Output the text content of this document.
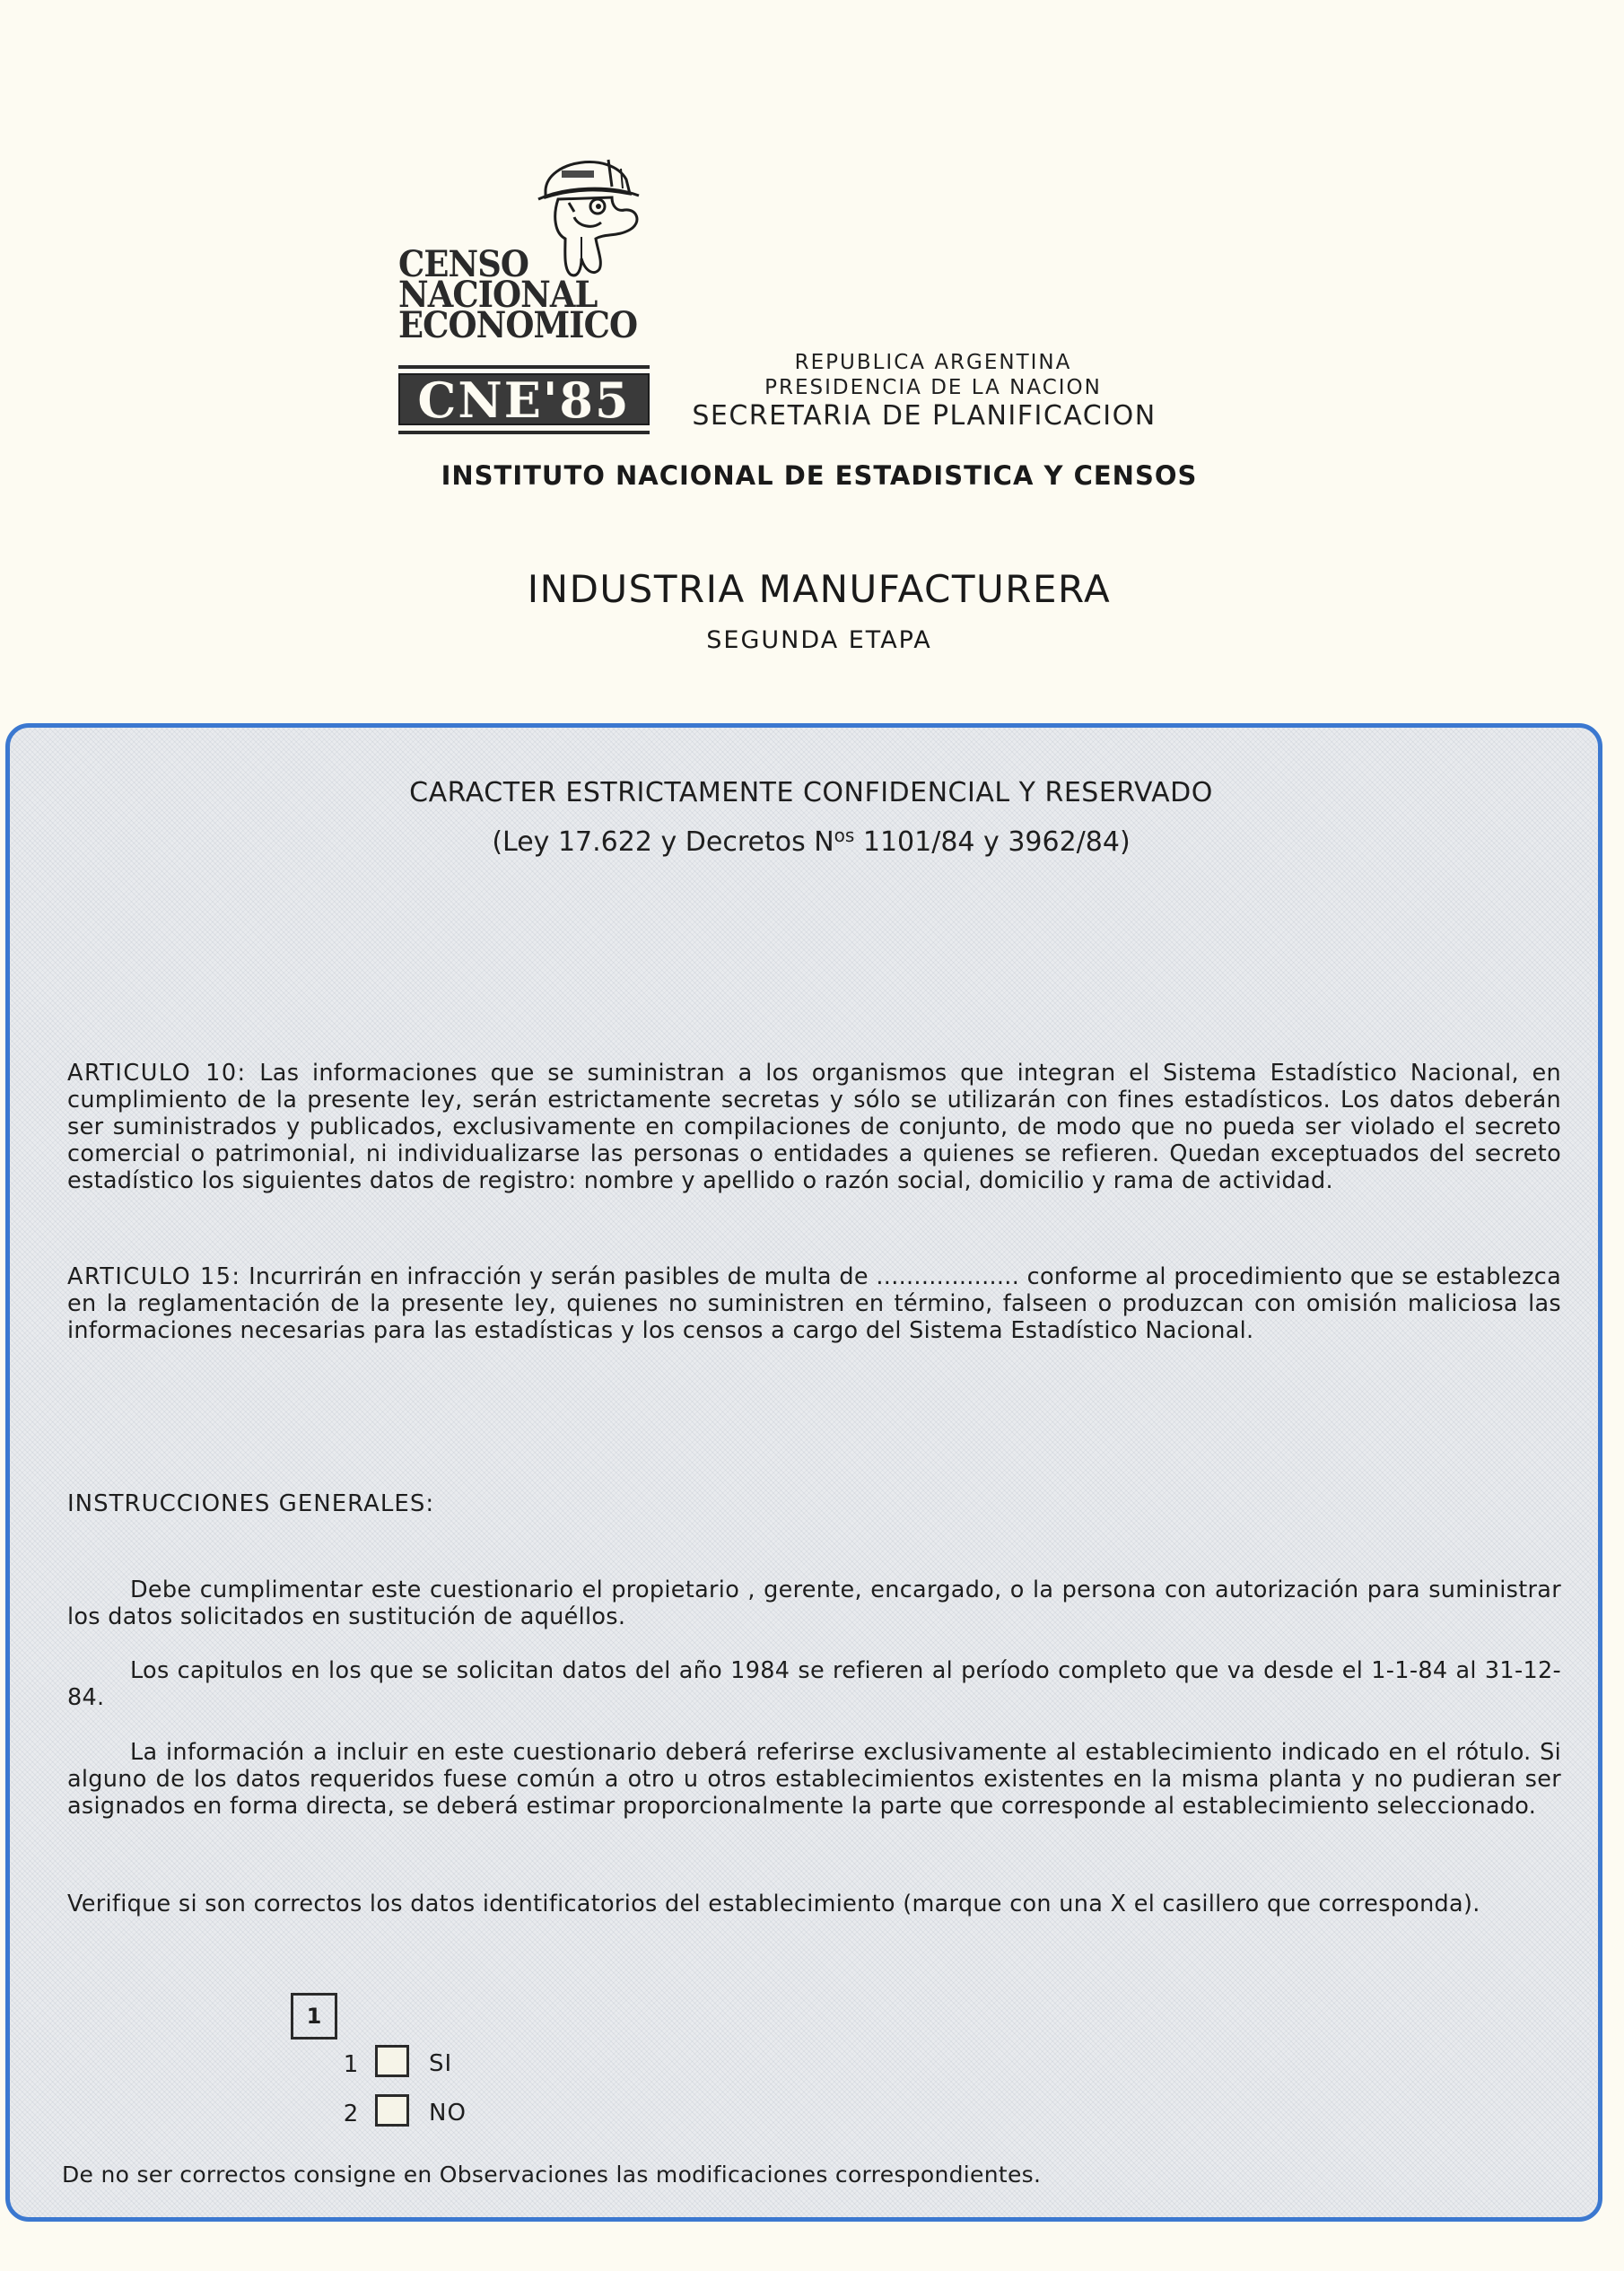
CENSO
NACIONAL
ECONOMICO
CNE'85
REPUBLICA ARGENTINA
PRESIDENCIA DE LA NACION
SECRETARIA DE PLANIFICACION
INSTITUTO NACIONAL DE ESTADISTICA Y CENSOS
INDUSTRIA MANUFACTURERA
SEGUNDA ETAPA
CARACTER ESTRICTAMENTE CONFIDENCIAL Y RESERVADO
(Ley 17.622 y Decretos $N^{os}$ 1101/84 y 3962/84)
ARTICULO 10: Las informaciones que se suministran a los organismos que integran el Sistema Estadístico Nacional, en cumplimiento de la presente ley, serán estrictamente secretas y sólo se utilizarán con fines estadísticos. Los datos deberán ser suministrados y publicados, exclusivamente en compilaciones de conjunto, de modo que no pueda ser violado el secreto comercial o patrimonial, ni individualizarse las personas o entidades a quienes se refieren. Quedan exceptuados del secreto estadístico los siguientes datos de registro: nombre y apellido o razón social, domicilio y rama de actividad.
ARTICULO 15: Incurrirán en infracción y serán pasibles de multa de ................... conforme al procedimiento que se establezca en la reglamentación de la presente ley, quienes no suministren en término, falseen o produzcan con omisión maliciosa las informaciones necesarias para las estadísticas y los censos a cargo del Sistema Estadístico Nacional.
INSTRUCCIONES GENERALES:
Debe cumplimentar este cuestionario el propietario , gerente, encargado, o la persona con autorización para suministrar los datos solicitados en sustitución de aquéllos.
Los capitulos en los que se solicitan datos del año 1984 se refieren al período completo que va desde el 1-1-84 al 31-12-84.
La información a incluir en este cuestionario deberá referirse exclusivamente al establecimiento indicado en el rótulo. Si alguno de los datos requeridos fuese común a otro u otros establecimientos existentes en la misma planta y no pudieran ser asignados en forma directa, se deberá estimar proporcionalmente la parte que corresponde al establecimiento seleccionado.
Verifique si son correctos los datos identificatorios del establecimiento (marque con una X el casillero que corresponda).
1
1	SI
2	NO
De no ser correctos consigne en Observaciones las modificaciones correspondientes.
